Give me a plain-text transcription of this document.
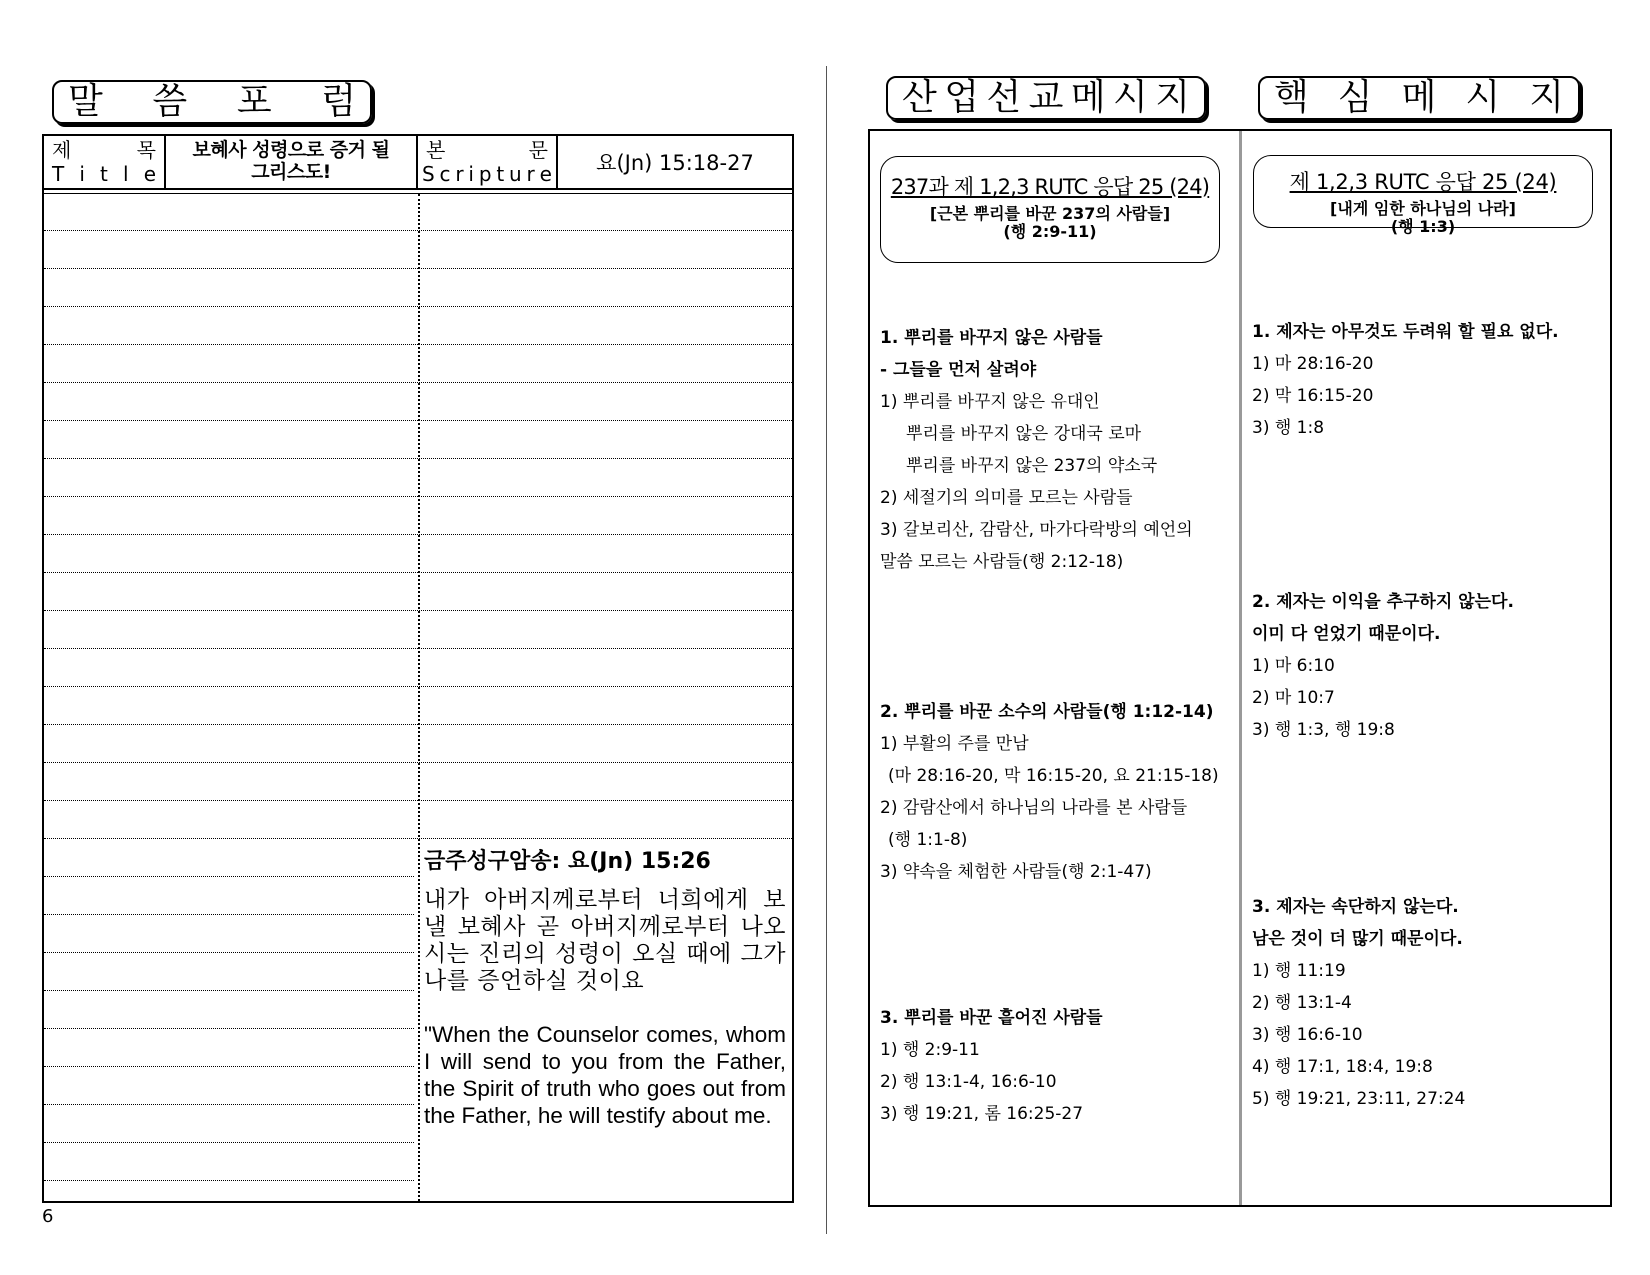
말 씀 포 럼
제	목
T i t l e
보혜사 성령으로 증거 될
그리스도!
본	문
S c r i p t u r e	요(Jn) 15:18-27
금주성구암송: 요(Jn) 15:26
내가 아버지께로부터 너희에게 보낼 보혜사 곧 아버지께로부터 나오시는 진리의 성령이 오실 때에 그가 나를 증언하실 것이요
"When the Counselor comes, whom I will send to you from the Father, the Spirit of truth who goes out from the Father, he will testify about me.
6
산 업 선 교 메 시 지 핵 심 메 시 지
237과 제 1,2,3 RUTC 응답 25 (24)
[근본 뿌리를 바꾼 237의 사람들]
(행 2:9-11)
1. 뿌리를 바꾸지 않은 사람들
- 그들을 먼저 살려야
1) 뿌리를 바꾸지 않은 유대인
뿌리를 바꾸지 않은 강대국 로마
뿌리를 바꾸지 않은 237의 약소국
2) 세절기의 의미를 모르는 사람들
3) 갈보리산, 감람산, 마가다락방의 예언의
말씀 모르는 사람들(행 2:12-18)
2. 뿌리를 바꾼 소수의 사람들(행 1:12-14)
1) 부활의 주를 만남
(마 28:16-20, 막 16:15-20, 요 21:15-18)
2) 감람산에서 하나님의 나라를 본 사람들
(행 1:1-8)
3) 약속을 체험한 사람들(행 2:1-47)
3. 뿌리를 바꾼 흩어진 사람들
1) 행 2:9-11
2) 행 13:1-4, 16:6-10
3) 행 19:21, 롬 16:25-27
제 1,2,3 RUTC 응답 25 (24)
[내게 임한 하나님의 나라]
(행 1:3)
1. 제자는 아무것도 두려워 할 필요 없다.
1) 마 28:16-20
2) 막 16:15-20
3) 행 1:8
2. 제자는 이익을 추구하지 않는다.
이미 다 얻었기 때문이다.
1) 마 6:10
2) 마 10:7
3) 행 1:3, 행 19:8
3. 제자는 속단하지 않는다.
남은 것이 더 많기 때문이다.
1) 행 11:19
2) 행 13:1-4
3) 행 16:6-10
4) 행 17:1, 18:4, 19:8
5) 행 19:21, 23:11, 27:24
